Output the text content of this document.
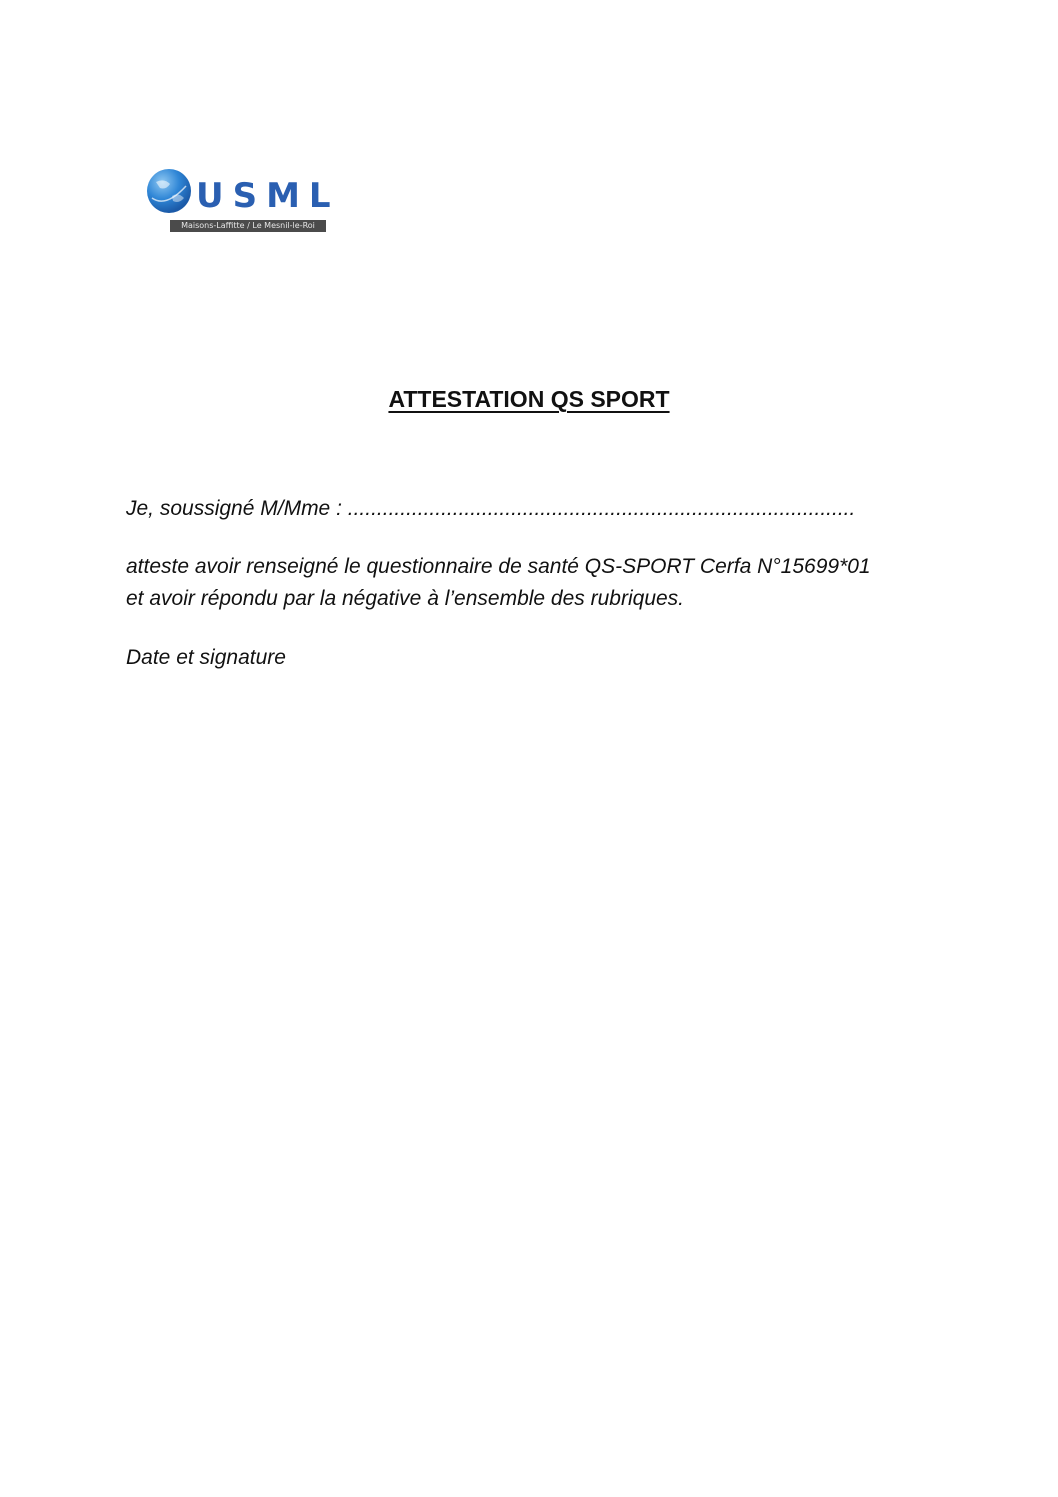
USML
Maisons-Laffitte / Le Mesnil-le-Roi
ATTESTATION QS SPORT
Je, soussigné M/Mme : .......................................................................................
atteste avoir renseigné le questionnaire de santé QS-SPORT Cerfa N°15699*01
et avoir répondu par la négative à l’ensemble des rubriques.
Date et signature
